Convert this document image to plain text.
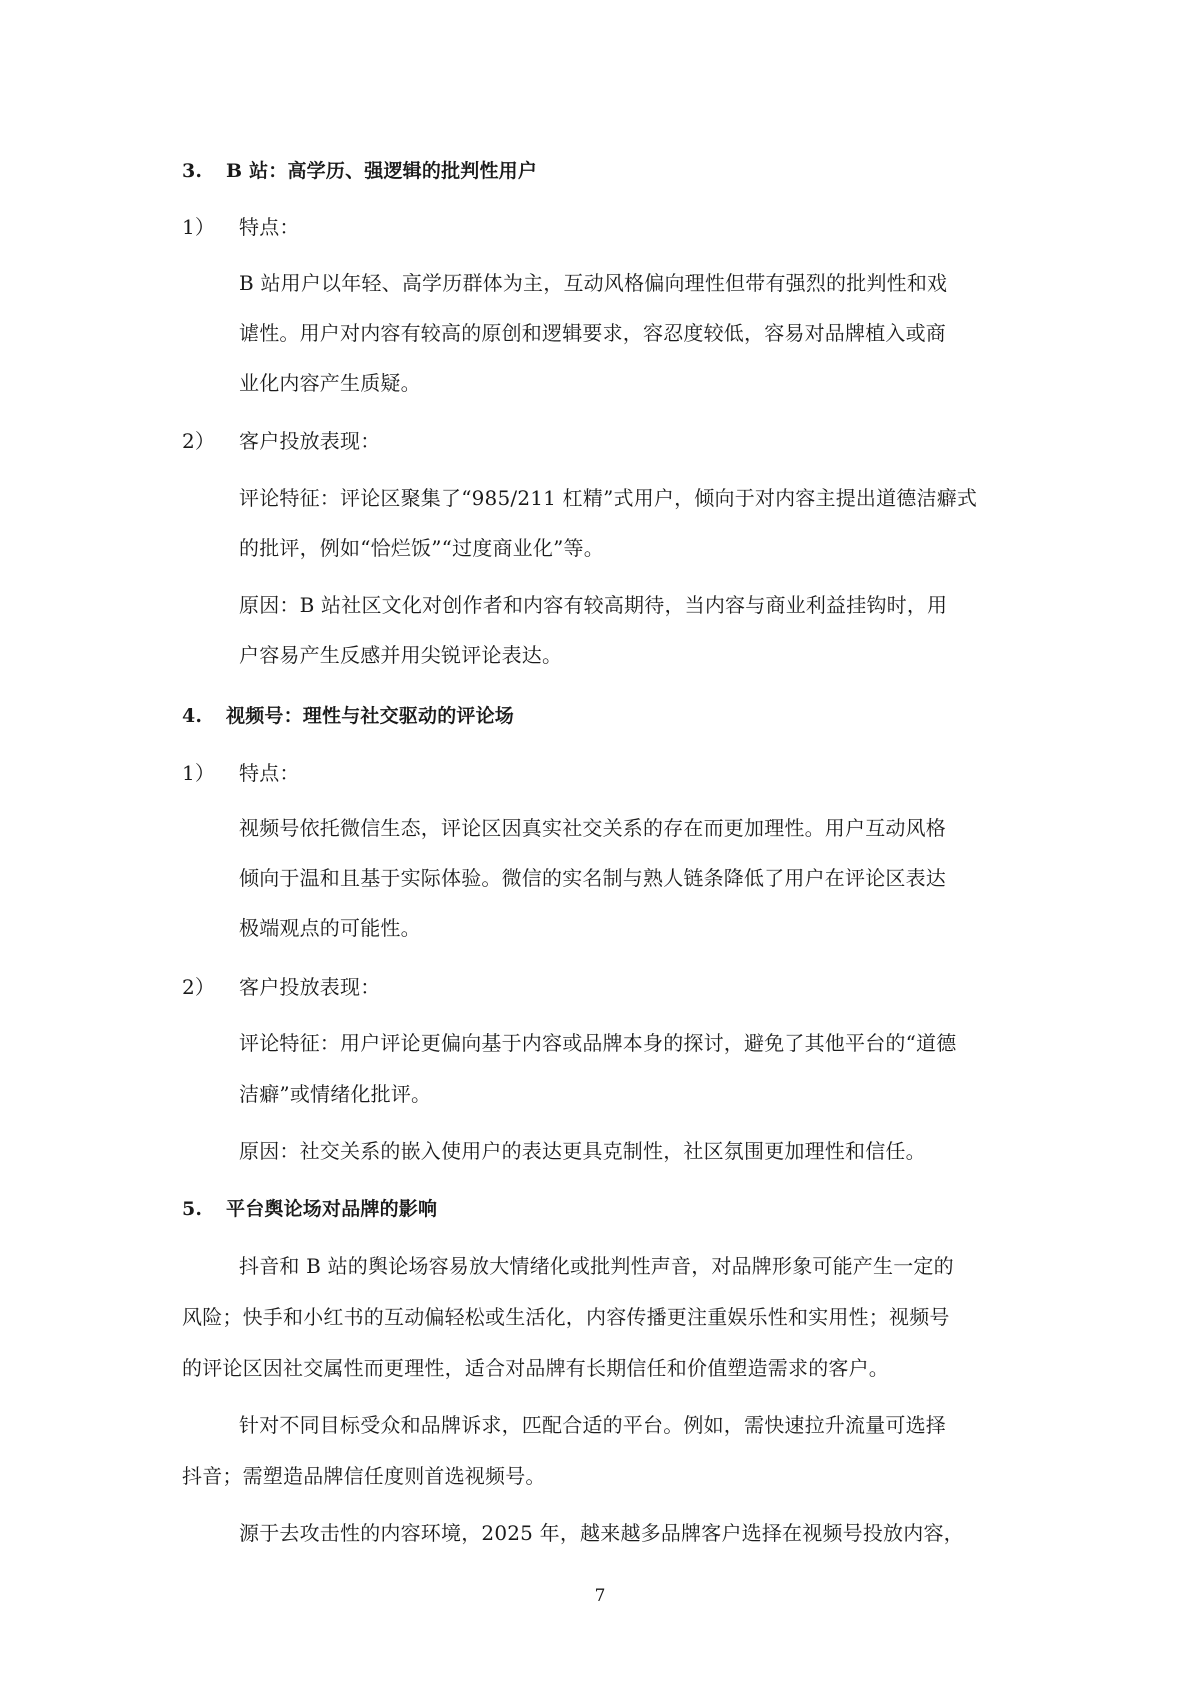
3. B 站：高学历、强逻辑的批判性用户
1） 特点：
B 站用户以年轻、高学历群体为主，互动风格偏向理性但带有强烈的批判性和戏
谑性。用户对内容有较高的原创和逻辑要求，容忍度较低，容易对品牌植入或商
业化内容产生质疑。
2） 客户投放表现：
评论特征：评论区聚集了“985/211 杠精”式用户，倾向于对内容主提出道德洁癖式
的批评，例如“恰烂饭”“过度商业化”等。
原因：B 站社区文化对创作者和内容有较高期待，当内容与商业利益挂钩时，用
户容易产生反感并用尖锐评论表达。
4. 视频号：理性与社交驱动的评论场
1） 特点：
视频号依托微信生态，评论区因真实社交关系的存在而更加理性。用户互动风格
倾向于温和且基于实际体验。微信的实名制与熟人链条降低了用户在评论区表达
极端观点的可能性。
2） 客户投放表现：
评论特征：用户评论更偏向基于内容或品牌本身的探讨，避免了其他平台的“道德
洁癖”或情绪化批评。
原因：社交关系的嵌入使用户的表达更具克制性，社区氛围更加理性和信任。
5. 平台舆论场对品牌的影响
抖音和 B 站的舆论场容易放大情绪化或批判性声音，对品牌形象可能产生一定的
风险；快手和小红书的互动偏轻松或生活化，内容传播更注重娱乐性和实用性；视频号
的评论区因社交属性而更理性，适合对品牌有长期信任和价值塑造需求的客户。
针对不同目标受众和品牌诉求，匹配合适的平台。例如，需快速拉升流量可选择
抖音；需塑造品牌信任度则首选视频号。
源于去攻击性的内容环境，2025 年，越来越多品牌客户选择在视频号投放内容，
7
